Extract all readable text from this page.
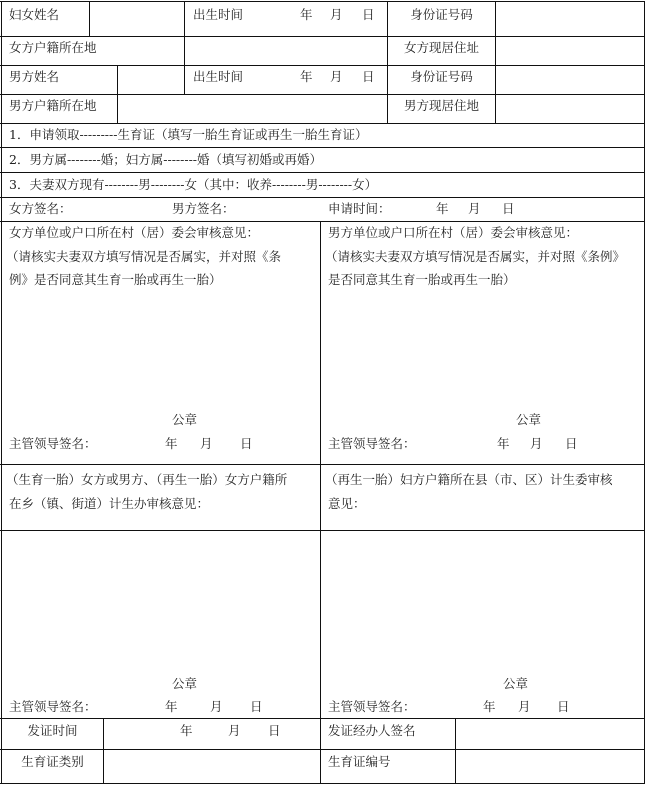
妇女姓名	出生时间	年 月 日	身份证号码
女方户籍所在地	女方现居住址
男方姓名	出生时间	年 月 日	身份证号码
男方户籍所在地	男方现居住地
1．申请领取---------生育证（填写一胎生育证或再生一胎生育证）
2．男方属--------婚；妇方属--------婚（填写初婚或再婚）
3．夫妻双方现有--------男--------女（其中：收养--------男--------女）
女方签名：	男方签名：	申请时间：	年 月 日
女方单位或户口所在村（居）委会审核意见：
（请核实夫妻双方填写情况是否属实，并对照《条
例》是否同意其生育一胎或再生一胎）
公章
主管领导签名：	年 月 日
男方单位或户口所在村（居）委会审核意见：
（请核实夫妻双方填写情况是否属实，并对照《条例》
是否同意其生育一胎或再生一胎）
公章
主管领导签名：	年 月 日
（生育一胎）女方或男方、（再生一胎）女方户籍所
在乡（镇、街道）计生办审核意见：
公章
主管领导签名：	年	月 日
（再生一胎）妇方户籍所在县（市、区）计生委审核
意见：
公章
主管领导签名：	年 月 日
发证时间	年	月 日	发证经办人签名
生育证类别	生育证编号
